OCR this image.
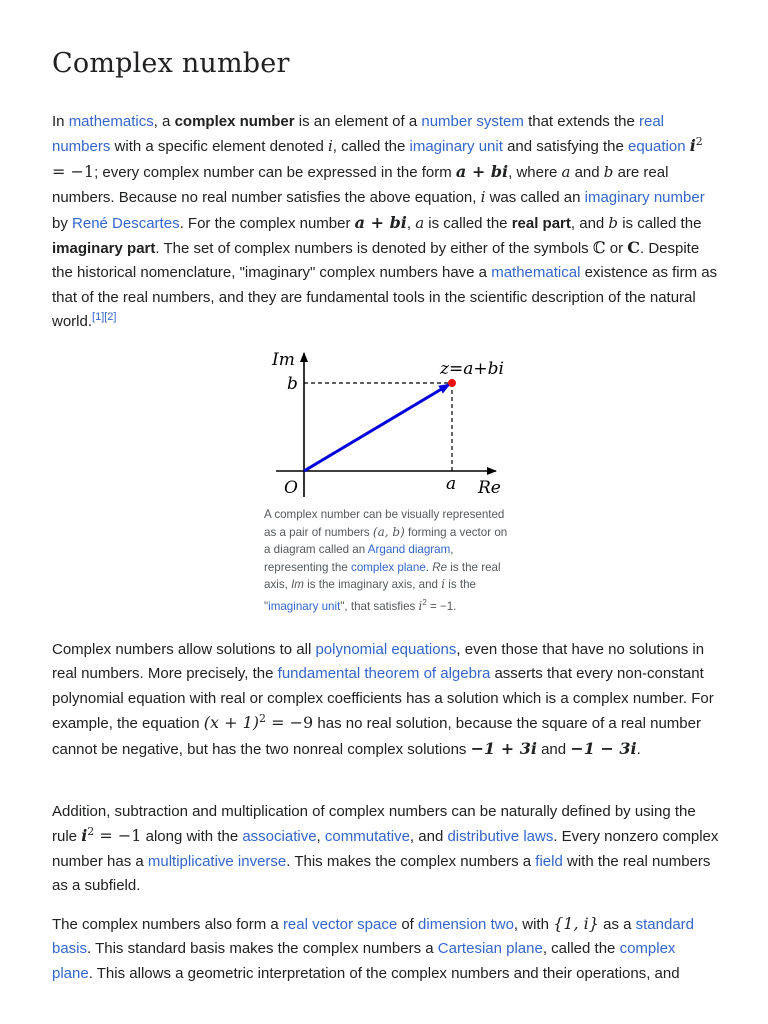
Complex number

In mathematics, a complex number is an element of a number system that extends the real numbers with a specific element denoted i, called the imaginary unit and satisfying the equation $i^2 = -1$; every complex number can be expressed in the form a + bi, where a and b are real numbers. Because no real number satisfies the above equation, i was called an imaginary number by René Descartes. For the complex number a + bi, a is called the real part, and b is called the imaginary part. The set of complex numbers is denoted by either of the symbols ℂ or C. Despite the historical nomenclature, "imaginary" complex numbers have a mathematical existence as firm as that of the real numbers, and they are fundamental tools in the scientific description of the natural world.[1][2]

Im
b
z=a+bi
O	a Re

A complex number can be visually represented as a pair of numbers (a, b) forming a vector on a diagram called an Argand diagram, representing the complex plane. Re is the real axis, Im is the imaginary axis, and i is the "imaginary unit", that satisfies $i^2 = -1$.

Complex numbers allow solutions to all polynomial equations, even those that have no solutions in real numbers. More precisely, the fundamental theorem of algebra asserts that every non-constant polynomial equation with real or complex coefficients has a solution which is a complex number. For example, the equation $(x + 1)^2 = -9$ has no real solution, because the square of a real number cannot be negative, but has the two nonreal complex solutions −1 + 3i and −1 − 3i.

Addition, subtraction and multiplication of complex numbers can be naturally defined by using the rule $i^2 = -1$ along with the associative, commutative, and distributive laws. Every nonzero complex number has a multiplicative inverse. This makes the complex numbers a field with the real numbers as a subfield.

The complex numbers also form a real vector space of dimension two, with {1, i} as a standard basis. This standard basis makes the complex numbers a Cartesian plane, called the complex plane. This allows a geometric interpretation of the complex numbers and their operations, and
